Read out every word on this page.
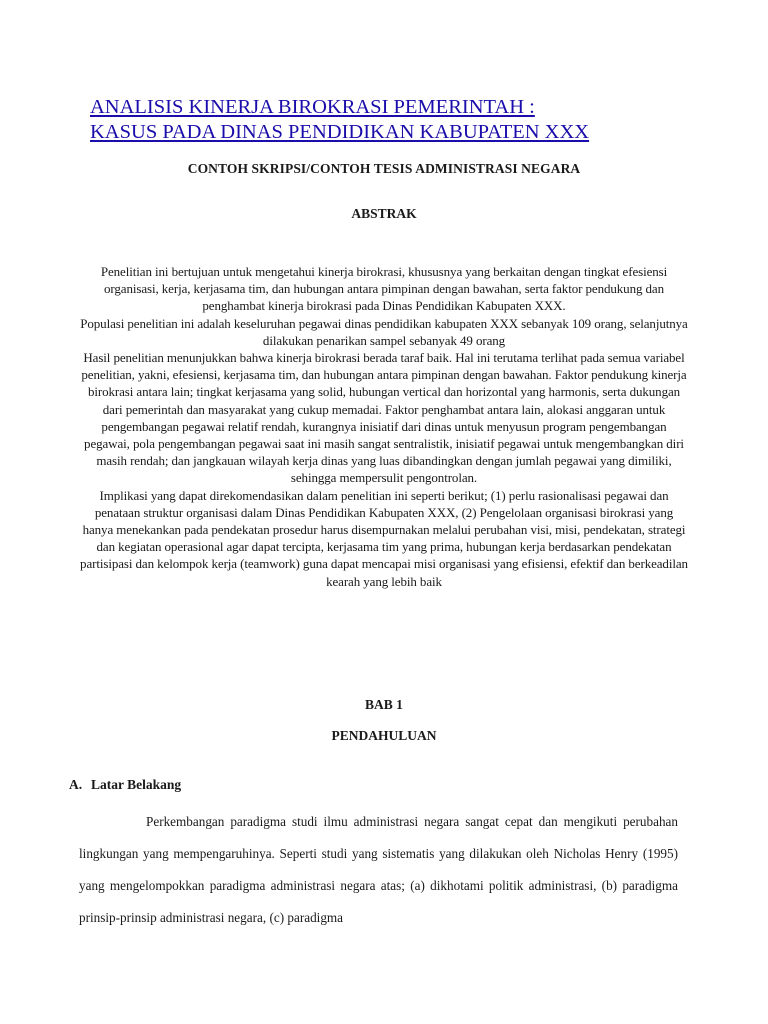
ANALISIS KINERJA BIROKRASI PEMERINTAH :
KASUS PADA DINAS PENDIDIKAN KABUPATEN XXX
CONTOH SKRIPSI/CONTOH TESIS ADMINISTRASI NEGARA
ABSTRAK

Penelitian ini bertujuan untuk mengetahui kinerja birokrasi, khususnya yang berkaitan dengan tingkat efesiensi organisasi, kerja, kerjasama tim, dan hubungan antara pimpinan dengan bawahan, serta faktor pendukung dan penghambat kinerja birokrasi pada Dinas Pendidikan Kabupaten XXX.

Populasi penelitian ini adalah keseluruhan pegawai dinas pendidikan kabupaten XXX sebanyak 109 orang, selanjutnya dilakukan penarikan sampel sebanyak 49 orang

Hasil penelitian menunjukkan bahwa kinerja birokrasi berada taraf baik. Hal ini terutama terlihat pada semua variabel penelitian, yakni, efesiensi, kerjasama tim, dan hubungan antara pimpinan dengan bawahan. Faktor pendukung kinerja birokrasi antara lain; tingkat kerjasama yang solid, hubungan vertical dan horizontal yang harmonis, serta dukungan dari pemerintah dan masyarakat yang cukup memadai. Faktor penghambat antara lain, alokasi anggaran untuk pengembangan pegawai relatif rendah, kurangnya inisiatif dari dinas untuk menyusun program pengembangan pegawai, pola pengembangan pegawai saat ini masih sangat sentralistik, inisiatif pegawai untuk mengembangkan diri masih rendah; dan jangkauan wilayah kerja dinas yang luas dibandingkan dengan jumlah pegawai yang dimiliki, sehingga mempersulit pengontrolan.

Implikasi yang dapat direkomendasikan dalam penelitian ini seperti berikut; (1) perlu rasionalisasi pegawai dan penataan struktur organisasi dalam Dinas Pendidikan Kabupaten XXX, (2) Pengelolaan organisasi birokrasi yang hanya menekankan pada pendekatan prosedur harus disempurnakan melalui perubahan visi, misi, pendekatan, strategi dan kegiatan operasional agar dapat tercipta, kerjasama tim yang prima, hubungan kerja berdasarkan pendekatan partisipasi dan kelompok kerja (teamwork) guna dapat mencapai misi organisasi yang efisiensi, efektif dan berkeadilan kearah yang lebih baik

BAB 1
PENDAHULUAN
A. Latar Belakang

Perkembangan paradigma studi ilmu administrasi negara sangat cepat dan mengikuti perubahan lingkungan yang mempengaruhinya. Seperti studi yang sistematis yang dilakukan oleh Nicholas Henry (1995) yang mengelompokkan paradigma administrasi negara atas; (a) dikhotami politik administrasi, (b) paradigma prinsip-prinsip administrasi negara, (c) paradigma
